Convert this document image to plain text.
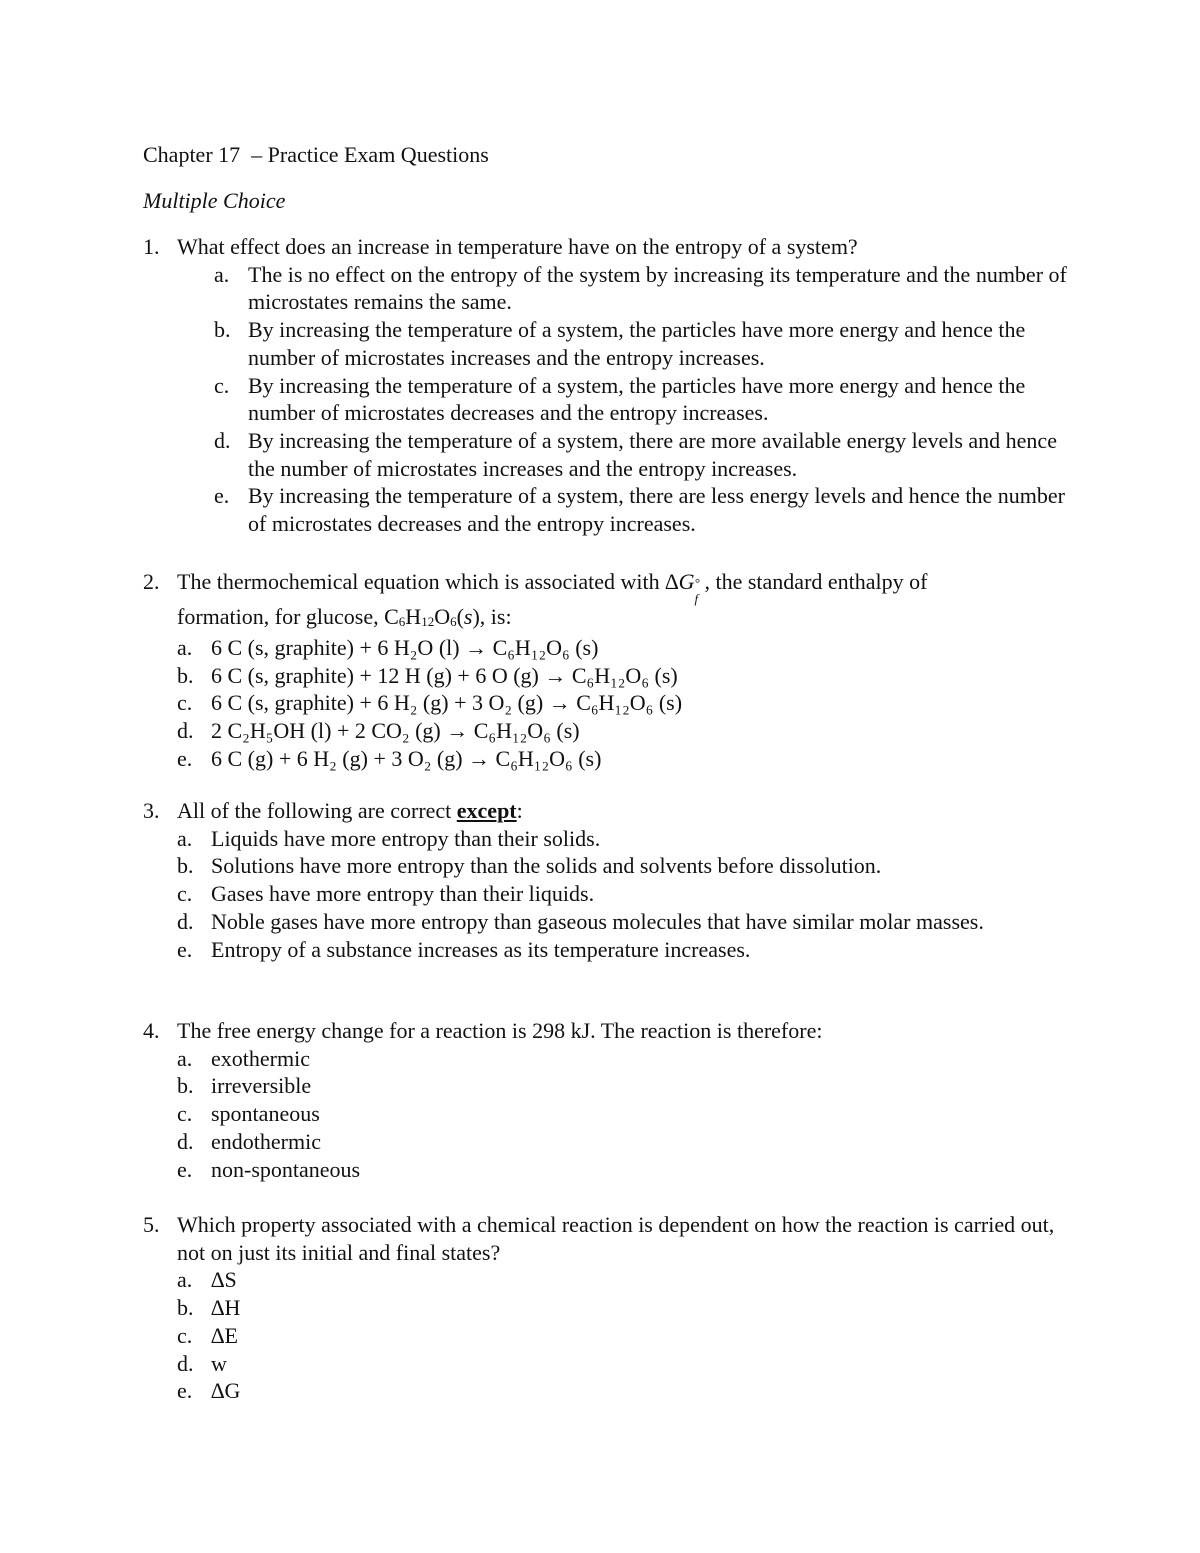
Chapter 17  – Practice Exam Questions
Multiple Choice
1. What effect does an increase in temperature have on the entropy of a system?
a. The is no effect on the entropy of the system by increasing its temperature and the number of microstates remains the same.
b. By increasing the temperature of a system, the particles have more energy and hence the number of microstates increases and the entropy increases.
c. By increasing the temperature of a system, the particles have more energy and hence the number of microstates decreases and the entropy increases.
d. By increasing the temperature of a system, there are more available energy levels and hence the number of microstates increases and the entropy increases.
e. By increasing the temperature of a system, there are less energy levels and hence the number of microstates decreases and the entropy increases.
2. The thermochemical equation which is associated with ∆G °
f
, the standard enthalpy of
formation, for glucose, $C_6H_{12}O_6(s)$, is:
a. 6 C (s, graphite) + 6 H₂O (l) → C₆H₁₂O₆ (s)
b. 6 C (s, graphite) + 12 H (g) + 6 O (g) → C₆H₁₂O₆ (s)
c. 6 C (s, graphite) + 6 H₂ (g) + 3 O₂ (g) → C₆H₁₂O₆ (s)
d. 2 C₂H₅OH (l) + 2 CO₂ (g) → C₆H₁₂O₆ (s)
e. 6 C (g) + 6 H₂ (g) + 3 O₂ (g) → C₆H₁₂O₆ (s)
3. All of the following are correct except:
a. Liquids have more entropy than their solids.
b. Solutions have more entropy than the solids and solvents before dissolution.
c. Gases have more entropy than their liquids.
d. Noble gases have more entropy than gaseous molecules that have similar molar masses.
e. Entropy of a substance increases as its temperature increases.
4. The free energy change for a reaction is 298 kJ. The reaction is therefore:
a. exothermic
b. irreversible
c. spontaneous
d. endothermic
e. non-spontaneous
5. Which property associated with a chemical reaction is dependent on how the reaction is carried out, not on just its initial and final states?
a. ∆S
b. ∆H
c. ∆E
d. w
e. ∆G
